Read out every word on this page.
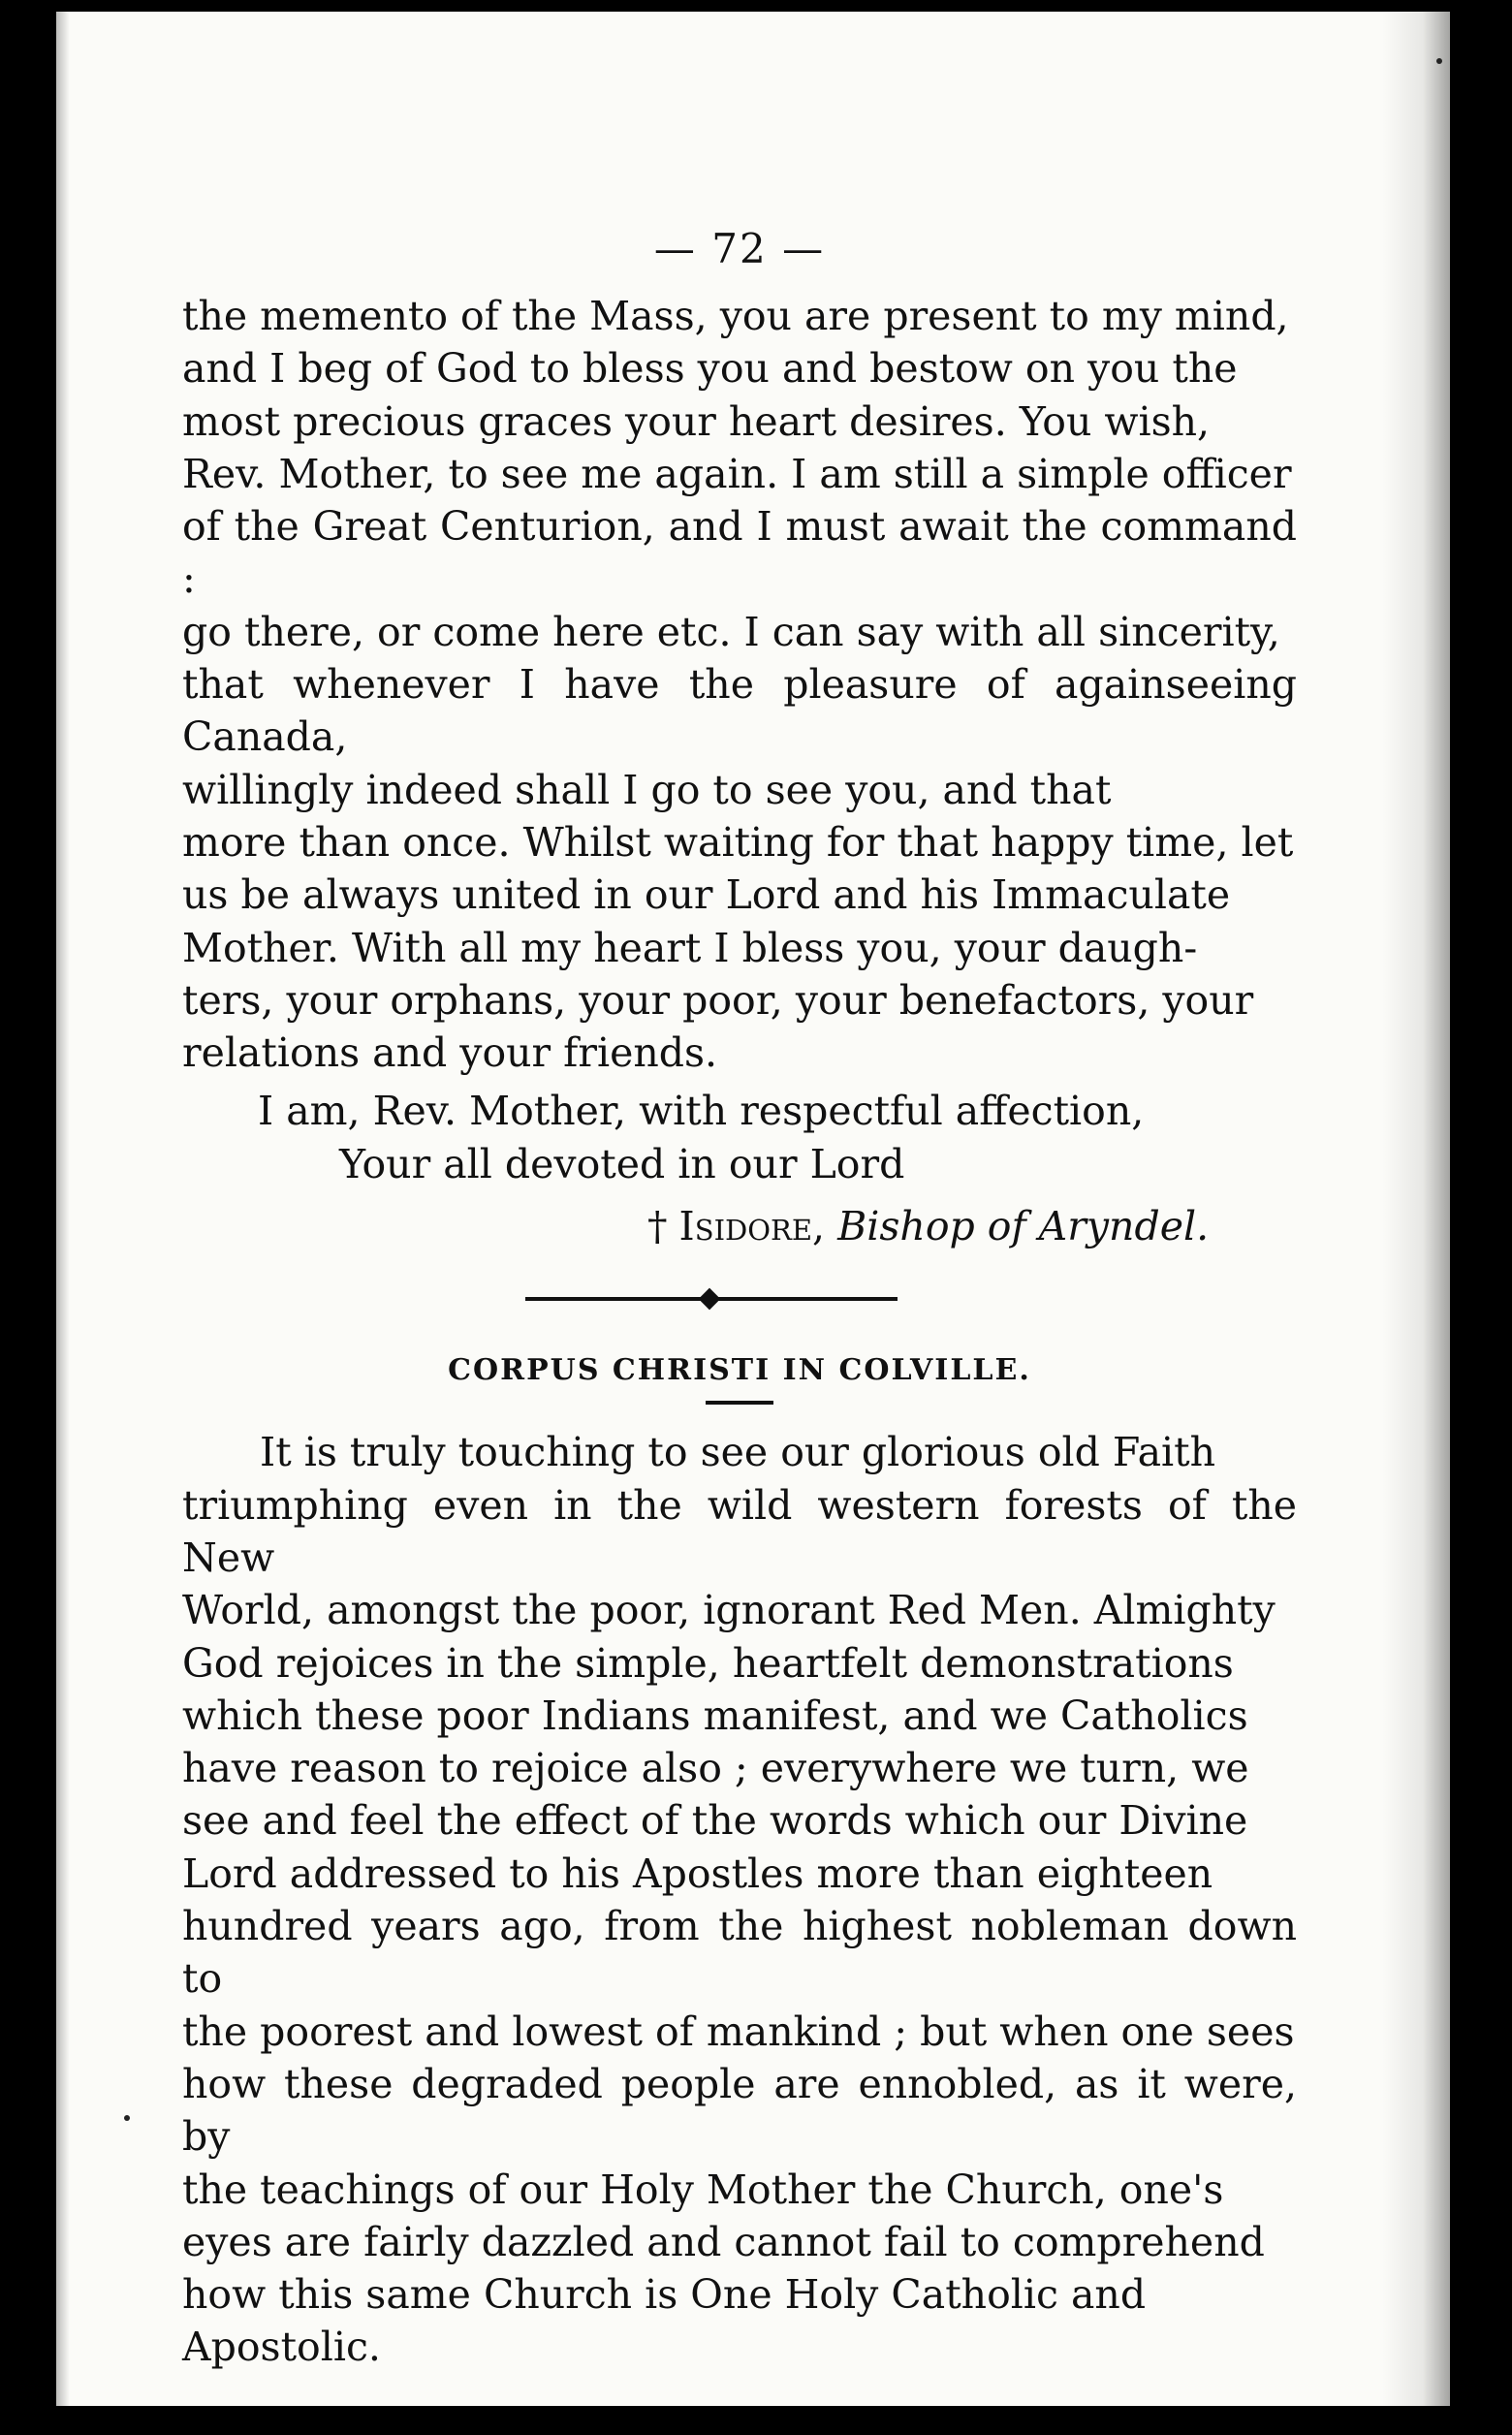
— 72 —

the memento of the Mass, you are present to my mind,
and I beg of God to bless you and bestow on you the
most precious graces your heart desires. You wish,
Rev. Mother, to see me again. I am still a simple officer
of the Great Centurion, and I must await the command :
go there, or come here etc. I can say with all sincerity,
that whenever I have the pleasure of againseeing Canada,
willingly indeed shall I go to see you, and that
more than once. Whilst waiting for that happy time, let
us be always united in our Lord and his Immaculate
Mother. With all my heart I bless you, your daugh-
ters, your orphans, your poor, your benefactors, your
relations and your friends.

I am, Rev. Mother, with respectful affection,
Your all devoted in our Lord
† Isidore, Bishop of Aryndel.
CORPUS CHRISTI IN COLVILLE.

It is truly touching to see our glorious old Faith
triumphing even in the wild western forests of the New
World, amongst the poor, ignorant Red Men. Almighty
God rejoices in the simple, heartfelt demonstrations
which these poor Indians manifest, and we Catholics
have reason to rejoice also ; everywhere we turn, we
see and feel the effect of the words which our Divine
Lord addressed to his Apostles more than eighteen
hundred years ago, from the highest nobleman down to
the poorest and lowest of mankind ; but when one sees
how these degraded people are ennobled, as it were, by
the teachings of our Holy Mother the Church, one's
eyes are fairly dazzled and cannot fail to comprehend
how this same Church is One Holy Catholic and
Apostolic.
